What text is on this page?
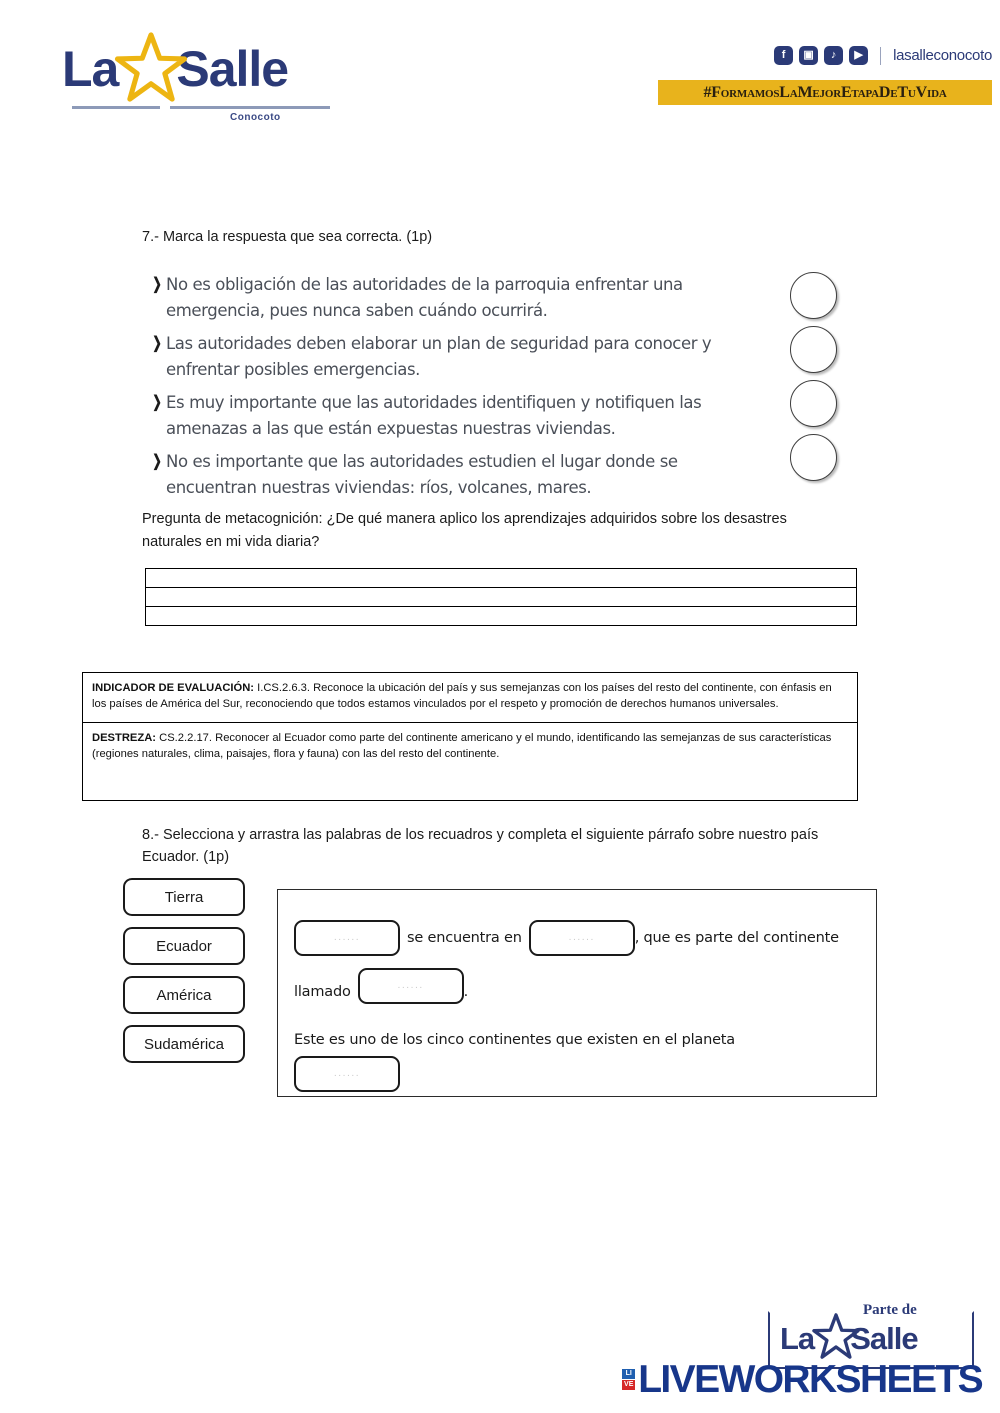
La Salle
Conocoto
f	▣	♪	▶	lasalleconocoto
#FormamosLaMejorEtapaDeTuVida
7.- Marca la respuesta que sea correcta. (1p)
❯ No es obligación de las autoridades de la parroquia enfrentar una emergencia, pues nunca saben cuándo ocurrirá.
❯ Las autoridades deben elaborar un plan de seguridad para conocer y enfrentar posibles emergencias.
❯ Es muy importante que las autoridades identifiquen y notifiquen las amenazas a las que están expuestas nuestras viviendas.
❯ No es importante que las autoridades estudien el lugar donde se encuentran nuestras viviendas: ríos, volcanes, mares.
Pregunta de metacognición: ¿De qué manera aplico los aprendizajes adquiridos sobre los desastres naturales en mi vida diaria?
INDICADOR DE EVALUACIÓN: I.CS.2.6.3. Reconoce la ubicación del país y sus semejanzas con los países del resto del continente, con énfasis en los países de América del Sur, reconociendo que todos estamos vinculados por el respeto y promoción de derechos humanos universales.
DESTREZA: CS.2.2.17. Reconocer al Ecuador como parte del continente americano y el mundo, identificando las semejanzas de sus características (regiones naturales, clima, paisajes, flora y fauna) con las del resto del continente.
8.- Selecciona y arrastra las palabras de los recuadros y completa el siguiente párrafo sobre nuestro país Ecuador. (1p)
Tierra
Ecuador
América
Sudamérica
......	se encuentra en	......	, que es parte del continente
llamado	......	.
Este es uno de los cinco continentes que existen en el planeta
......
Parte de
La Salle
LI
VE LIVEWORKSHEETS
